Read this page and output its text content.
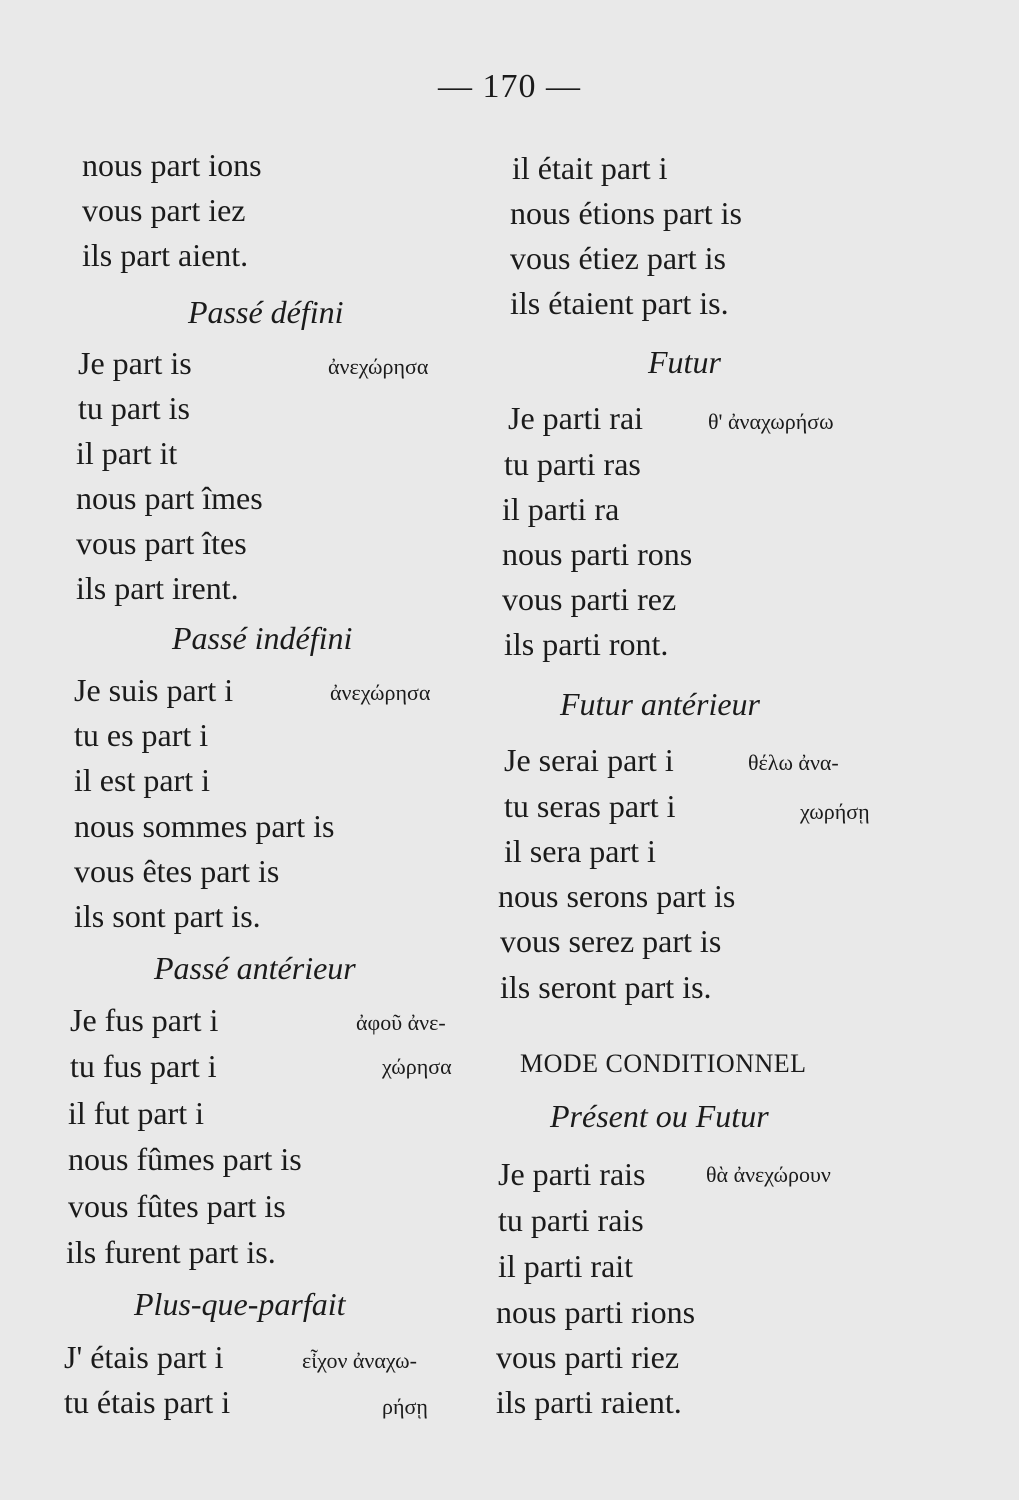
— 170 —
nous part ions
vous part iez
ils part aient.
Passé défini
ἀνεχώρησα
Je part is
tu part is
il part it
nous part îmes
vous part îtes
ils part irent.
Passé indéfini
ἀνεχώρησα
Je suis part i
tu es part i
il est part i
nous sommes part is
vous êtes part is
ils sont part is.
Passé antérieur
ἀφοῦ ἀνε-
χώρησα
Je fus part i
tu fus part i
il fut part i
nous fûmes part is
vous fûtes part is
ils furent part is.
Plus-que-parfait
εἶχον ἀναχω-
ρήσῃ
J' étais part i
tu étais part i
il était part i
nous étions part is
vous étiez part is
ils étaient part is.
Futur
θ' ἀναχωρήσω
Je parti rai
tu parti ras
il parti ra
nous parti rons
vous parti rez
ils parti ront.
Futur antérieur
θέλω ἀνα-
χωρήσῃ
Je serai part i
tu seras part i
il sera part i
nous serons part is
vous serez part is
ils seront part is.
MODE CONDITIONNEL
Présent ou Futur
θὰ ἀνεχώρουν
Je parti rais
tu parti rais
il parti rait
nous parti rions
vous parti riez
ils parti raient.
